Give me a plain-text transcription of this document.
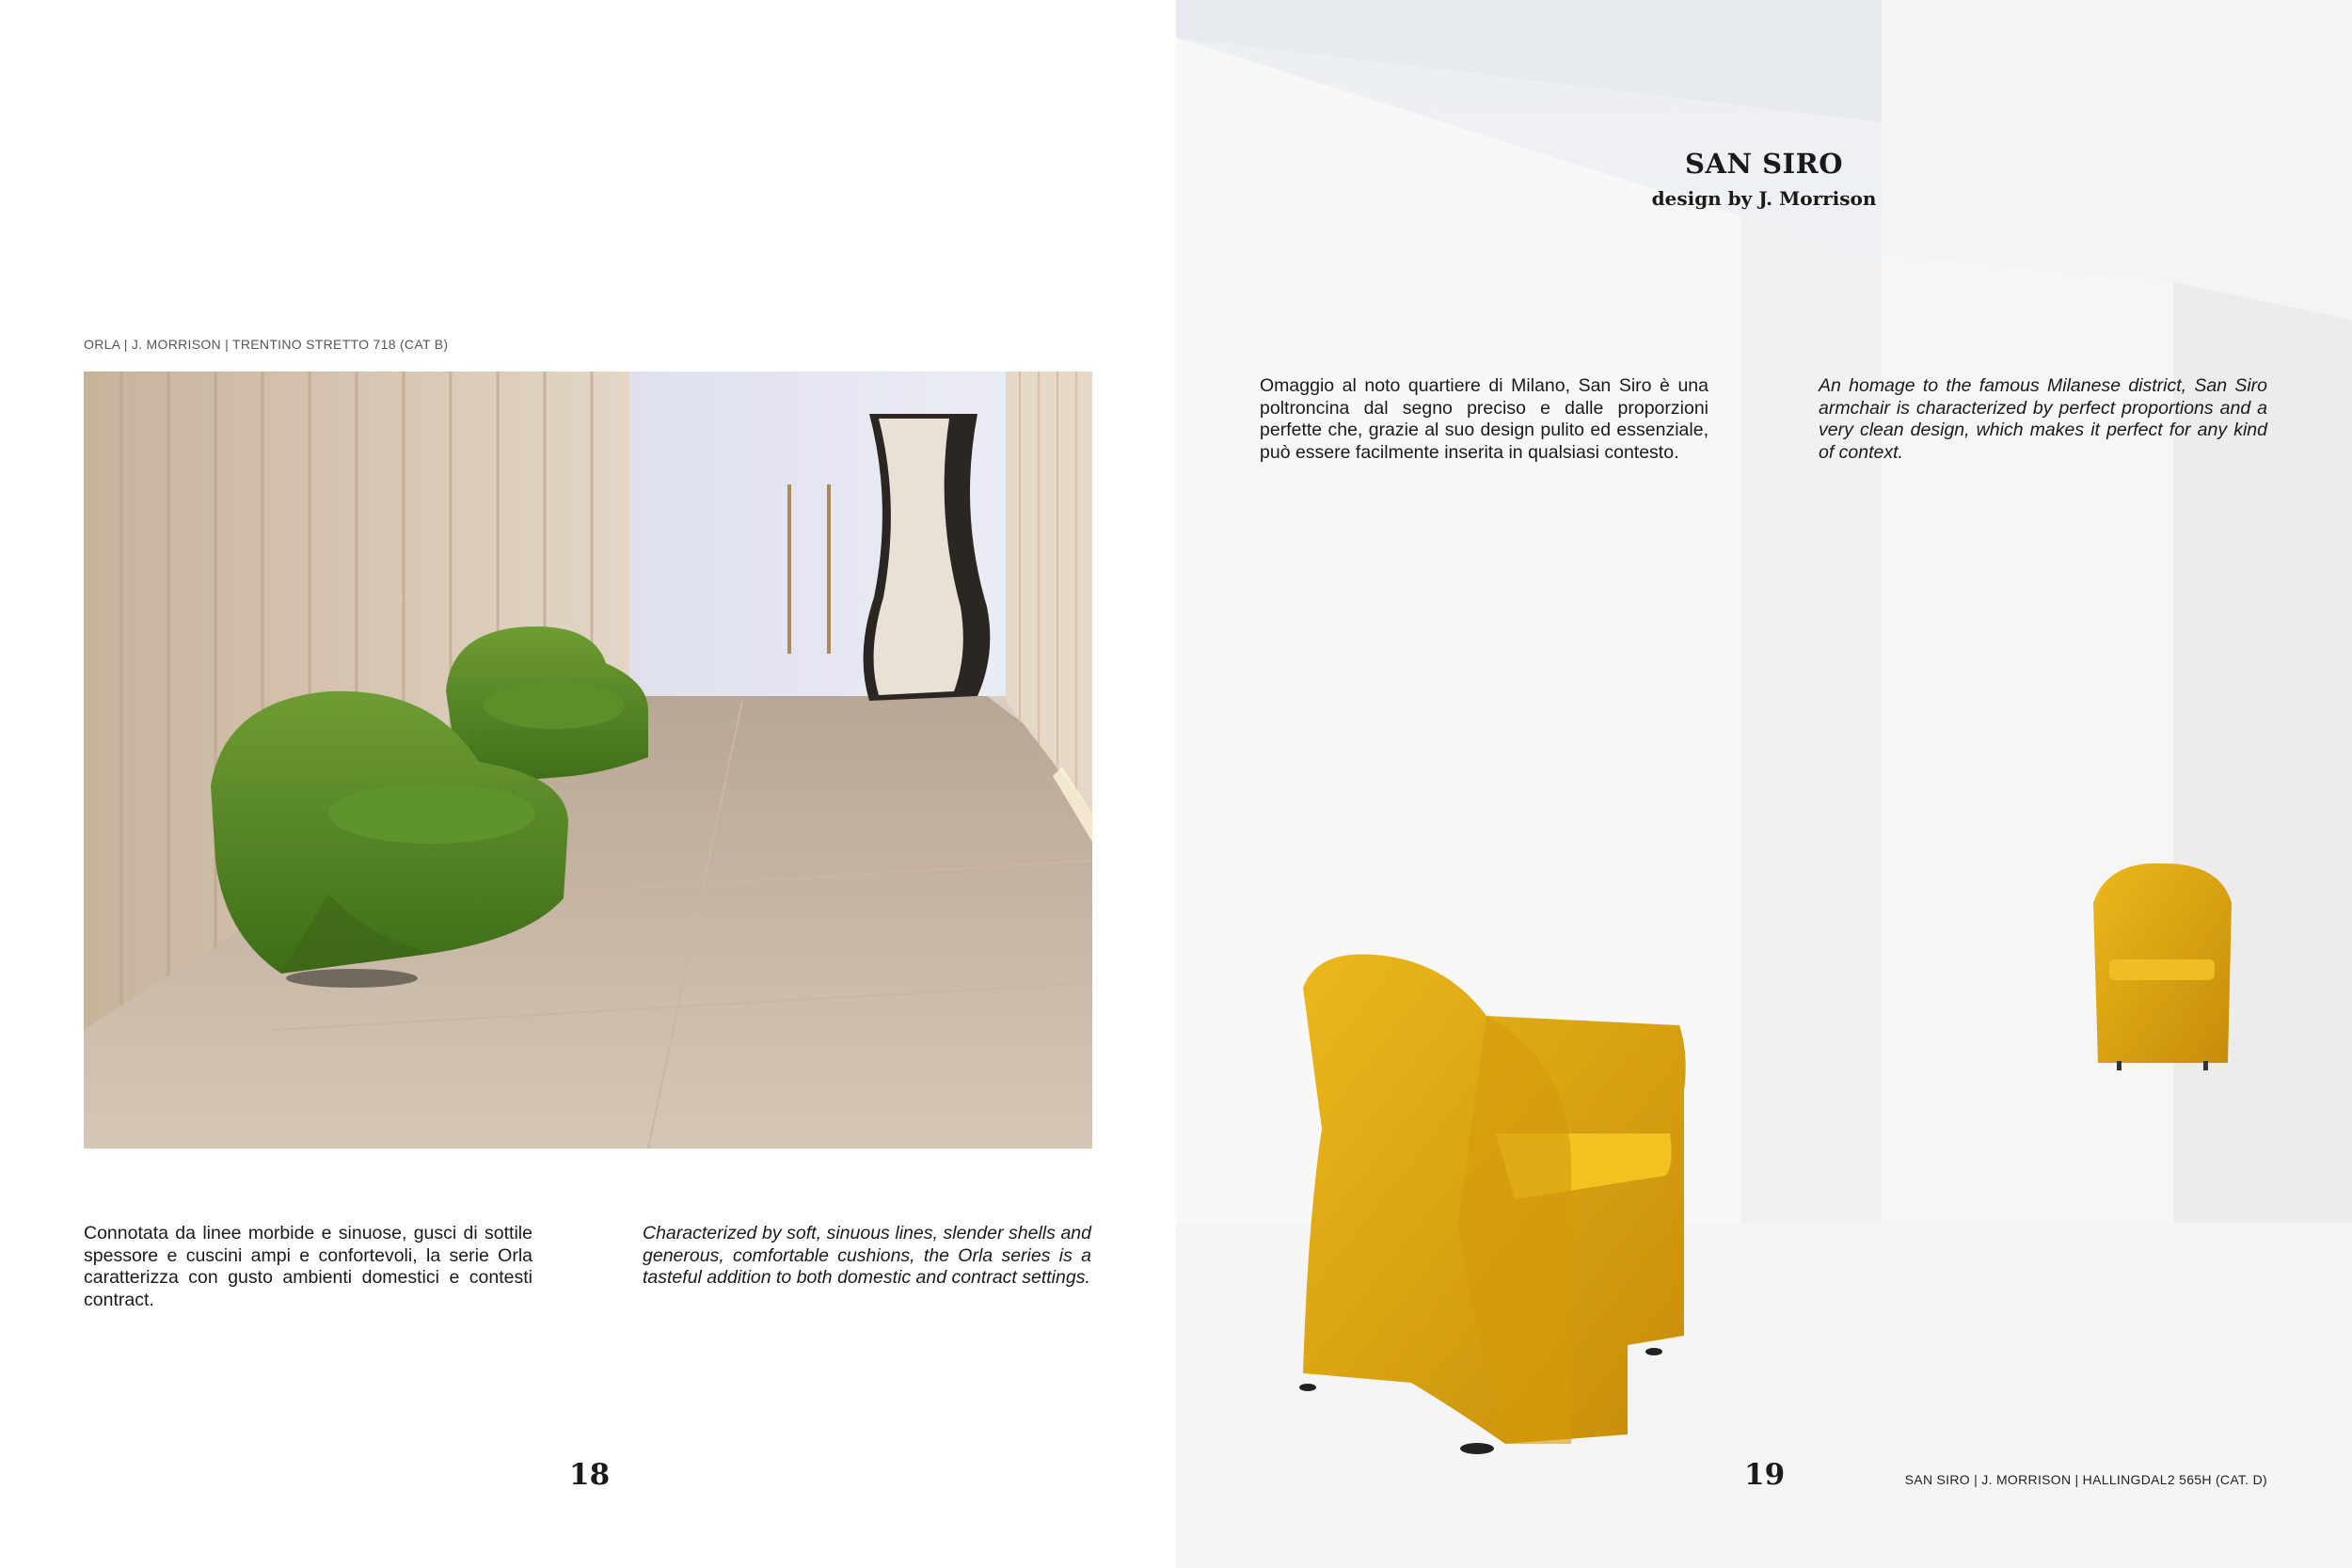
ORLA | J. MORRISON | TRENTINO STRETTO 718 (CAT B)
Connotata da linee morbide e sinuose, gusci di sottile spessore e cuscini ampi e confortevoli, la serie Orla caratterizza con gusto ambienti domestici e contesti contract.
Characterized by soft, sinuous lines, slender shells and generous, comfortable cushions, the Orla series is a tasteful addition to both domestic and contract settings.
18
SAN SIRO
design by J. Morrison
Omaggio al noto quartiere di Milano, San Siro è una poltroncina dal segno preciso e dalle proporzioni perfette che, grazie al suo design pulito ed essenziale, può essere facilmente inserita in qualsiasi contesto.
An homage to the famous Milanese district, San Siro armchair is characterized by perfect proportions and a very clean design, which makes it perfect for any kind of context.
19	SAN SIRO | J. MORRISON | HALLINGDAL2 565H (CAT. D)
